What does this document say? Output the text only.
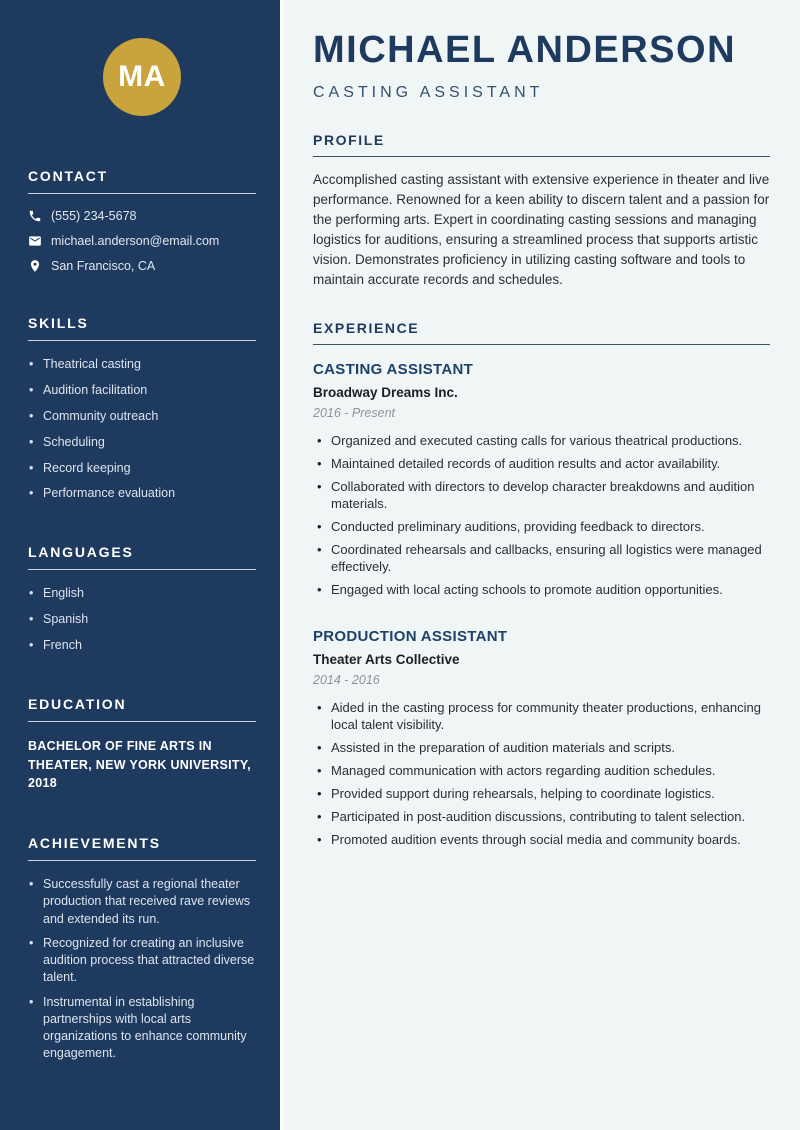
MA
CONTACT
(555) 234-5678
michael.anderson@email.com
San Francisco, CA
SKILLS
• Theatrical casting
• Audition facilitation
• Community outreach
• Scheduling
• Record keeping
• Performance evaluation
LANGUAGES
• English
• Spanish
• French
EDUCATION
BACHELOR OF FINE ARTS IN THEATER, NEW YORK UNIVERSITY, 2018
ACHIEVEMENTS
• Successfully cast a regional theater production that received rave reviews and extended its run.
• Recognized for creating an inclusive audition process that attracted diverse talent.
• Instrumental in establishing partnerships with local arts organizations to enhance community engagement.
MICHAEL ANDERSON
CASTING ASSISTANT
PROFILE

Accomplished casting assistant with extensive experience in theater and live performance. Renowned for a keen ability to discern talent and a passion for the performing arts. Expert in coordinating casting sessions and managing logistics for auditions, ensuring a streamlined process that supports artistic vision. Demonstrates proficiency in utilizing casting software and tools to maintain accurate records and schedules.

EXPERIENCE
CASTING ASSISTANT
Broadway Dreams Inc.
2016 - Present
• Organized and executed casting calls for various theatrical productions.
• Maintained detailed records of audition results and actor availability.
• Collaborated with directors to develop character breakdowns and audition materials.
• Conducted preliminary auditions, providing feedback to directors.
• Coordinated rehearsals and callbacks, ensuring all logistics were managed effectively.
• Engaged with local acting schools to promote audition opportunities.
PRODUCTION ASSISTANT
Theater Arts Collective
2014 - 2016
• Aided in the casting process for community theater productions, enhancing local talent visibility.
• Assisted in the preparation of audition materials and scripts.
• Managed communication with actors regarding audition schedules.
• Provided support during rehearsals, helping to coordinate logistics.
• Participated in post-audition discussions, contributing to talent selection.
• Promoted audition events through social media and community boards.
